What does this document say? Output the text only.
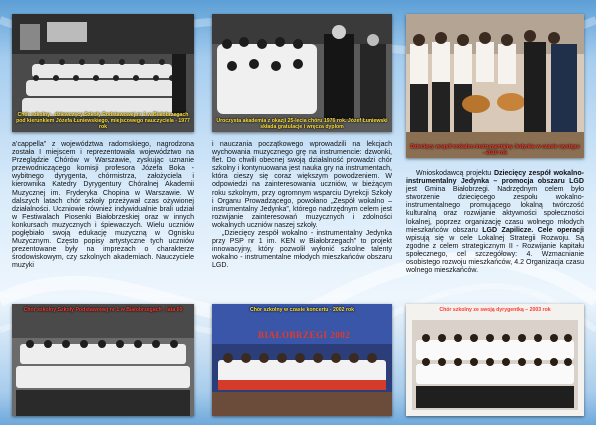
Chór szkolny - dziewczęcy Szkoły Podstawowej nr 1 w Białobrzegach pod kierunkiem Józefa Łuniewskiego, miejscowego nauczyciela - 1977 rok
Uroczysta akademia z okazji 25-lecia chóru 1976 rok. Józef Łuniewski składa gratulacje i wręcza dyplom
Dziecięcy zespół wokalno-instrumentalny Jedynka w czasie występu - 2010 rok

a’cappella” z województwa radomskiego, nagrodzona została I miejscem i reprezentowała województwo na Przeglądzie Chórów w Warszawie, zyskując uznanie przewodniczącego komisji profesora Józefa Boka - wybitnego dyrygenta, chórmistrza, założyciela i kierownika Katedry Dyrygentury Chóralnej Akademii Muzycznej im. Fryderyka Chopina w Warszawie. W dalszych latach chór szkoły przeżywał czas ożywionej działalności. Uczniowie również indywidualnie brali udział w Festiwalach Piosenki Białobrzeskiej oraz w innych konkursach muzycznych i śpiewaczych. Wielu uczniów pogłębiało swoją edukację muzyczną w Ognisku Muzycznym. Często popisy artystyczne tych uczniów prezentowane były na imprezach o charakterze środowiskowym, czy szkolnych akademiach. Nauczyciele muzyki

i nauczania początkowego wprowadzili na lekcjach wychowania muzycznego grę na instrumencie: dzwonki, flet. Do chwili obecnej swoją działalność prowadzi chór szkolny i kontynuowana jest nauka gry na instrumentach, która cieszy się coraz większym powodzeniem. W odpowiedzi na zainteresowania uczniów, w bieżącym roku szkolnym, przy ogromnym wsparciu Dyrekcji Szkoły i Organu Prowadzącego, powołano „Zespół wokalno – instrumentalny Jedynka”, którego nadrzędnym celem jest rozwijanie zainteresowań muzycznych i zdolności wokalnych uczniów naszej szkoły.

„Dziecięcy zespół wokalno - instrumentalny Jedynka przy PSP nr 1 im. KEN w Białobrzegach” to projekt innowacyjny, który pozwolił wyłonić szkolne talenty wokalno - instrumentalne młodych mieszkańców obszaru LGD.

Wnioskodawcą projektu Dziecięcy zespół wokalno-instrumentalny Jedynka – promocja obszaru LGD jest Gmina Białobrzegi. Nadrzędnym celem było stworzenie dziecięcego zespołu wokalno-instrumentalnego promującego lokalną twórczość kulturalną oraz rozwijanie aktywności społeczności lokalnej, poprzez organizację czasu wolnego młodych mieszkańców obszaru LGD Zapilicze. Cele operacji wpisują się w cele Lokalnej Strategii Rozwoju. Są zgodne z celem strategicznym II - Rozwijanie kapitału społecznego, cel szczegółowy: 4. Wzmacnianie osobistego rozwoju mieszkańców, 4.2 Organizacja czasu wolnego mieszkańców.

Chór szkolny Szkoły Podstawowej nr 1 w Białobrzegach - lata 60	Chór szkolny w czasie koncertu - 2002 rok
BIAŁOBRZEGI 2002
Chór szkolny ze swoją dyrygentką – 2003 rok
